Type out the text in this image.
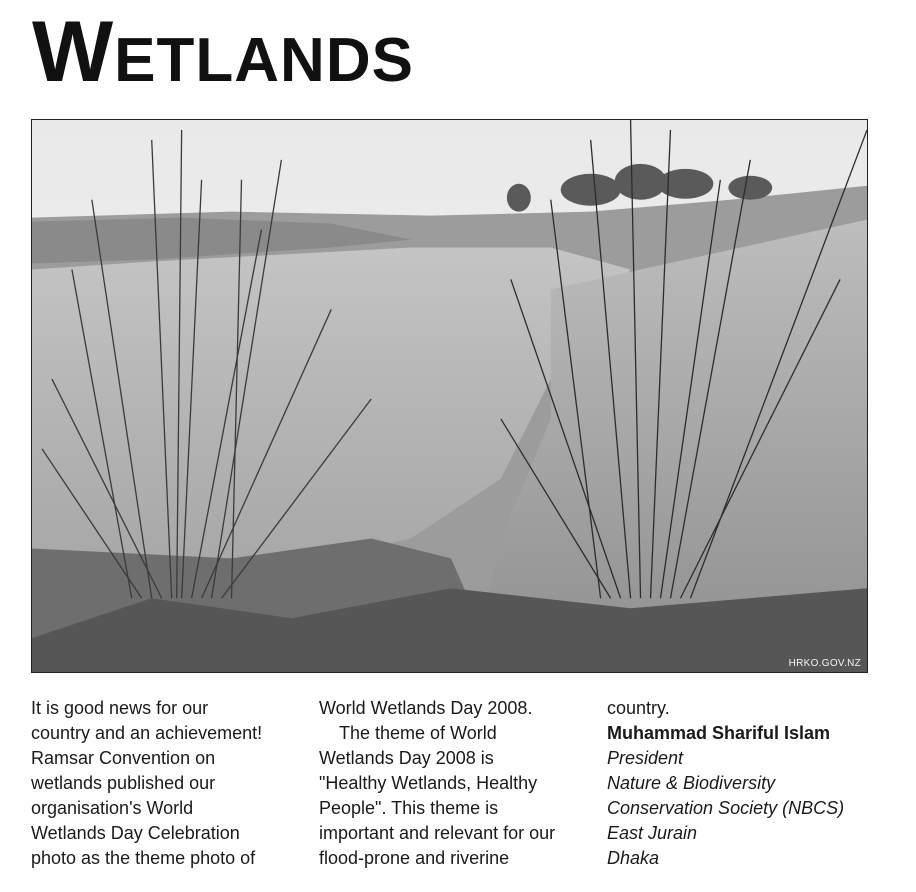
WETLANDS
HRKO.GOV.NZ

It is good news for our

country and an achievement!

Ramsar Convention on

wetlands published our

organisation's World

Wetlands Day Celebration

photo as the theme photo of

World Wetlands Day 2008.

The theme of World

Wetlands Day 2008 is

"Healthy Wetlands, Healthy

People". This theme is

important and relevant for our

flood-prone and riverine

country.

Muhammad Shariful Islam

President

Nature & Biodiversity

Conservation Society (NBCS)

East Jurain

Dhaka
